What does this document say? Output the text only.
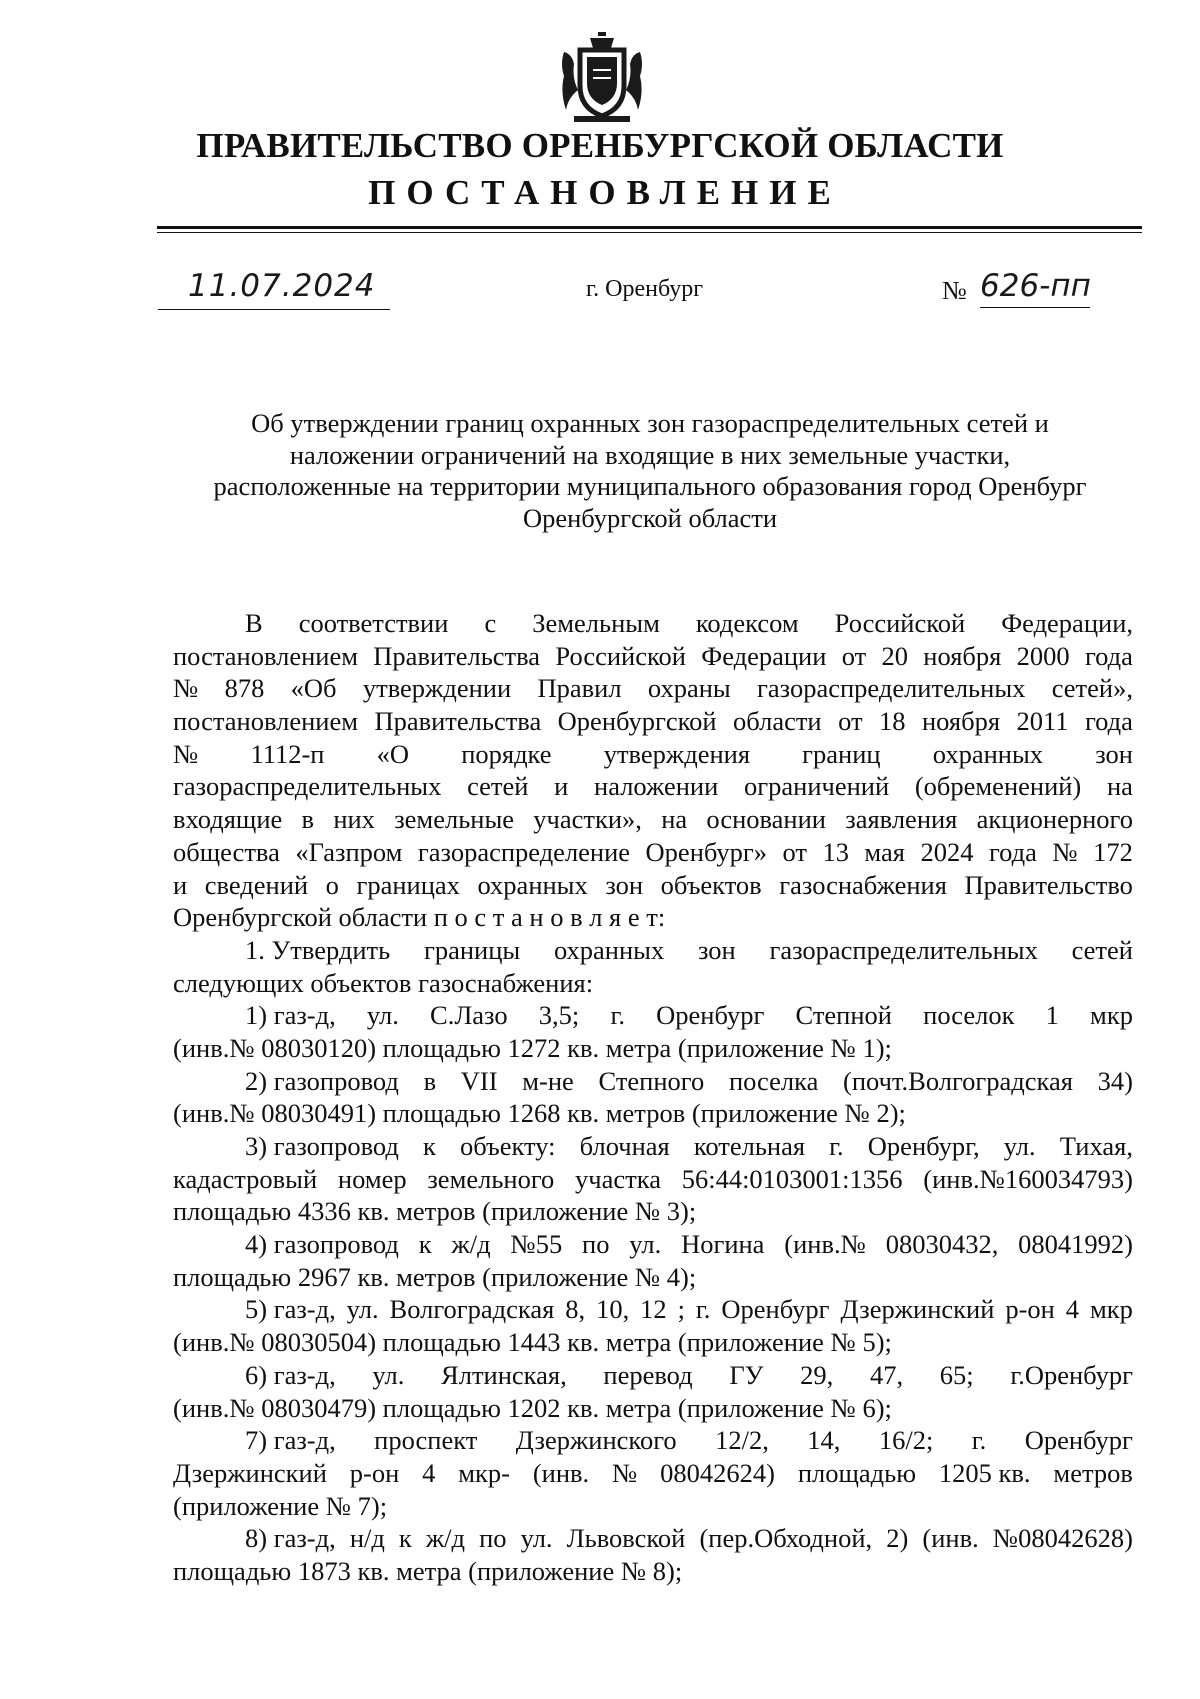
ПРАВИТЕЛЬСТВО ОРЕНБУРГСКОЙ ОБЛАСТИ
ПОСТАНОВЛЕНИЕ
11.07.2024	г. Оренбург	№ 626-пп
Об утверждении границ охранных зон газораспределительных сетей и
наложении ограничений на входящие в них земельные участки,
расположенные на территории муниципального образования город Оренбург
Оренбургской области
В соответствии с Земельным кодексом Российской Федерации,
постановлением Правительства Российской Федерации от 20 ноября 2000 года
№ 878 «Об утверждении Правил охраны газораспределительных сетей»,
постановлением Правительства Оренбургской области от 18 ноября 2011 года
№ 1112-п «О порядке утверждения границ охранных зон
газораспределительных сетей и наложении ограничений (обременений) на
входящие в них земельные участки», на основании заявления акционерного
общества «Газпром газораспределение Оренбург» от 13 мая 2024 года № 172
и сведений о границах охранных зон объектов газоснабжения Правительство
Оренбургской области п о с т а н о в л я е т:
1. Утвердить границы охранных зон газораспределительных сетей
следующих объектов газоснабжения:
1) газ-д, ул. С.Лазо 3,5; г. Оренбург Степной поселок 1 мкр
(инв.№ 08030120) площадью 1272 кв. метра (приложение № 1);
2) газопровод в VII м-не Степного поселка (почт.Волгоградская 34)
(инв.№ 08030491) площадью 1268 кв. метров (приложение № 2);
3) газопровод к объекту: блочная котельная г. Оренбург, ул. Тихая,
кадастровый номер земельного участка 56:44:0103001:1356 (инв.№160034793)
площадью 4336 кв. метров (приложение № 3);
4) газопровод к ж/д №55 по ул. Ногина (инв.№ 08030432, 08041992)
площадью 2967 кв. метров (приложение № 4);
5) газ-д, ул. Волгоградская 8, 10, 12 ; г. Оренбург Дзержинский р-он 4 мкр
(инв.№ 08030504) площадью 1443 кв. метра (приложение № 5);
6) газ-д, ул. Ялтинская, перевод ГУ 29, 47, 65; г.Оренбург
(инв.№ 08030479) площадью 1202 кв. метра (приложение № 6);
7) газ-д, проспект Дзержинского 12/2, 14, 16/2; г. Оренбург
Дзержинский р-он 4 мкр- (инв. № 08042624) площадью 1205 кв. метров
(приложение № 7);
8) газ-д, н/д к ж/д по ул. Львовской (пер.Обходной, 2) (инв. №08042628)
площадью 1873 кв. метра (приложение № 8);
